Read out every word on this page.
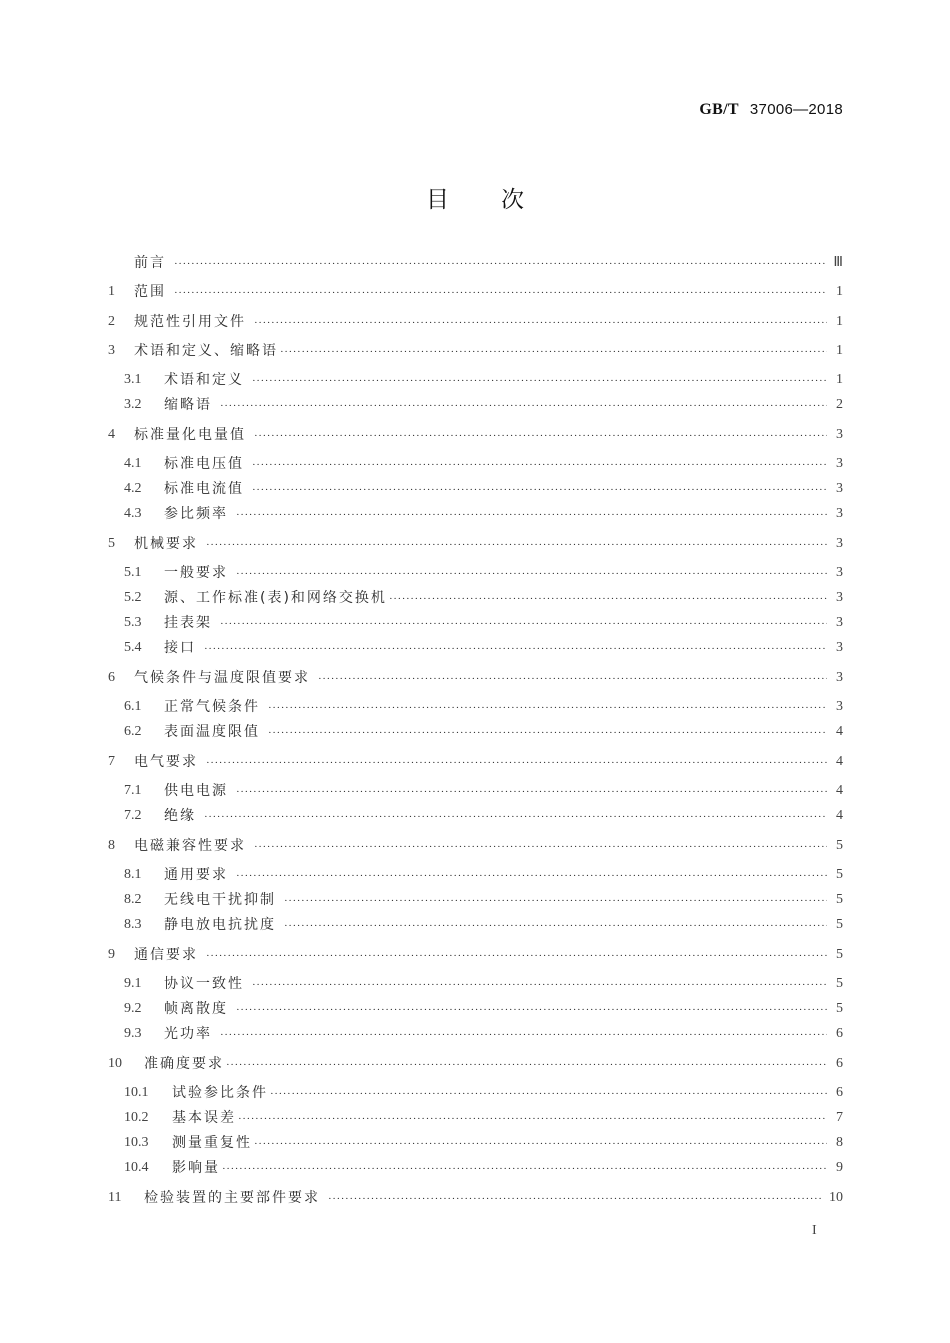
GB/T 37006—2018
目 次
前言 ·····	Ⅲ
1	范围 ·····	1
2	规范性引用文件 ·····	1
3	术语和定义、缩略语 ·····	1
3.1	术语和定义 ·····	1
3.2	缩略语 ·····	2
4	标准量化电量值 ·····	3
4.1	标准电压值 ·····	3
4.2	标准电流值 ·····	3
4.3	参比频率 ·····	3
5	机械要求 ·····	3
5.1	一般要求 ·····	3
5.2	源、工作标准(表)和网络交换机 ·····	3
5.3	挂表架 ·····	3
5.4	接口 ·····	3
6	气候条件与温度限值要求 ·····	3
6.1	正常气候条件 ·····	3
6.2	表面温度限值 ·····	4
7	电气要求 ·····	4
7.1	供电电源 ·····	4
7.2	绝缘 ·····	4
8	电磁兼容性要求 ·····	5
8.1	通用要求 ·····	5
8.2	无线电干扰抑制 ·····	5
8.3	静电放电抗扰度 ·····	5
9	通信要求 ·····	5
9.1	协议一致性 ·····	5
9.2	帧离散度 ·····	5
9.3	光功率 ·····	6
10	准确度要求 ·····	6
10.1	试验参比条件 ·····	6
10.2	基本误差 ·····	7
10.3	测量重复性 ·····	8
10.4	影响量 ·····	9
11	检验装置的主要部件要求 ·····	10
I
